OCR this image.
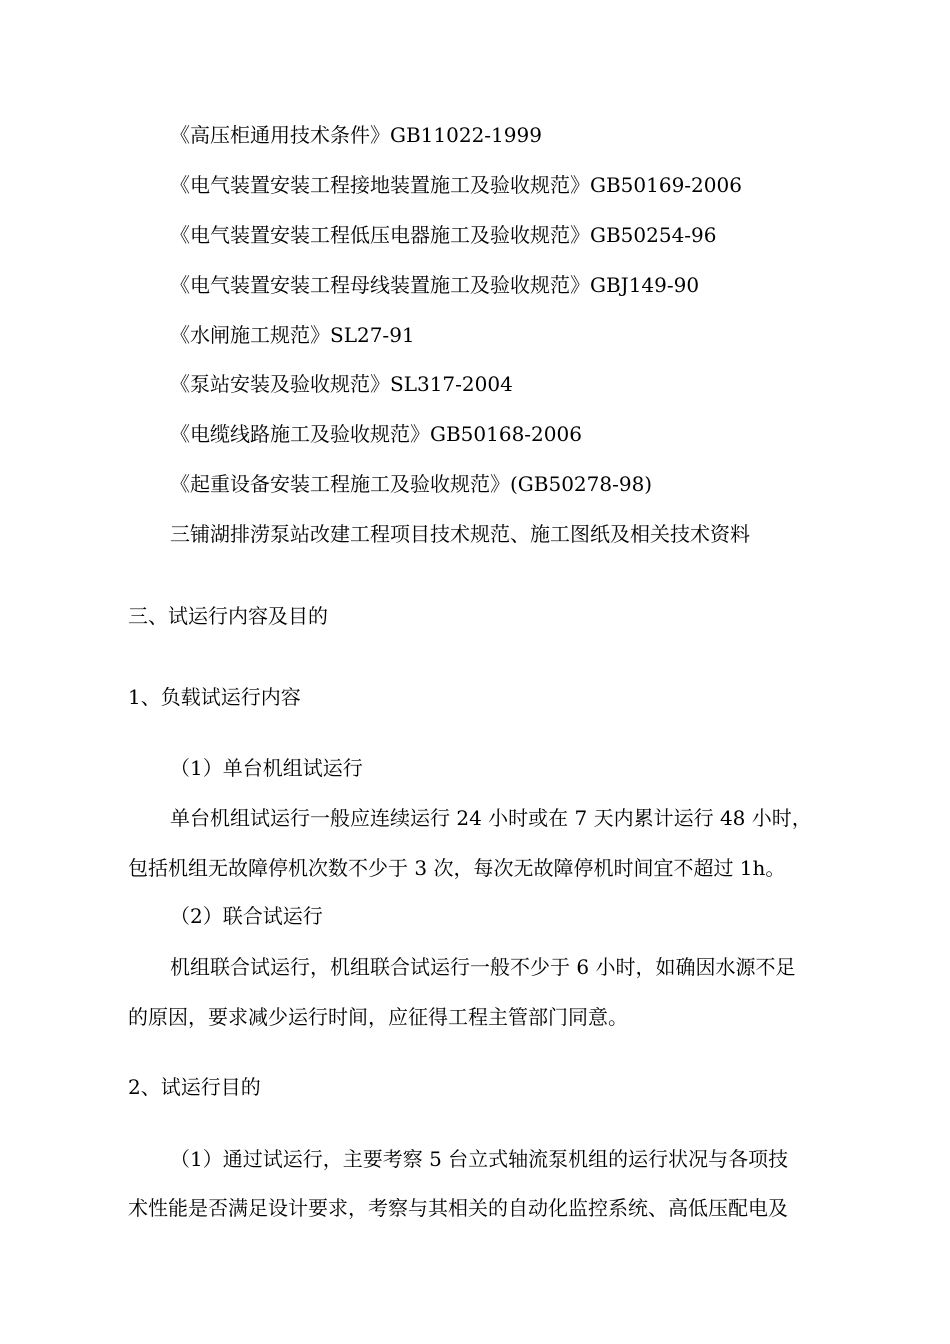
《高压柜通用技术条件》GB11022-1999
《电气装置安装工程接地装置施工及验收规范》GB50169-2006
《电气装置安装工程低压电器施工及验收规范》GB50254-96
《电气装置安装工程母线装置施工及验收规范》GBJ149-90
《水闸施工规范》SL27-91
《泵站安装及验收规范》SL317-2004
《电缆线路施工及验收规范》GB50168-2006
《起重设备安装工程施工及验收规范》(GB50278-98)
三铺湖排涝泵站改建工程项目技术规范、施工图纸及相关技术资料
三、试运行内容及目的
1、负载试运行内容
（1）单台机组试运行
单台机组试运行一般应连续运行 24 小时或在 7 天内累计运行 48 小时，
包括机组无故障停机次数不少于 3 次，每次无故障停机时间宜不超过 1h。
（2）联合试运行
机组联合试运行，机组联合试运行一般不少于 6 小时，如确因水源不足
的原因，要求减少运行时间，应征得工程主管部门同意。
2、试运行目的
（1）通过试运行，主要考察 5 台立式轴流泵机组的运行状况与各项技
术性能是否满足设计要求，考察与其相关的自动化监控系统、高低压配电及
